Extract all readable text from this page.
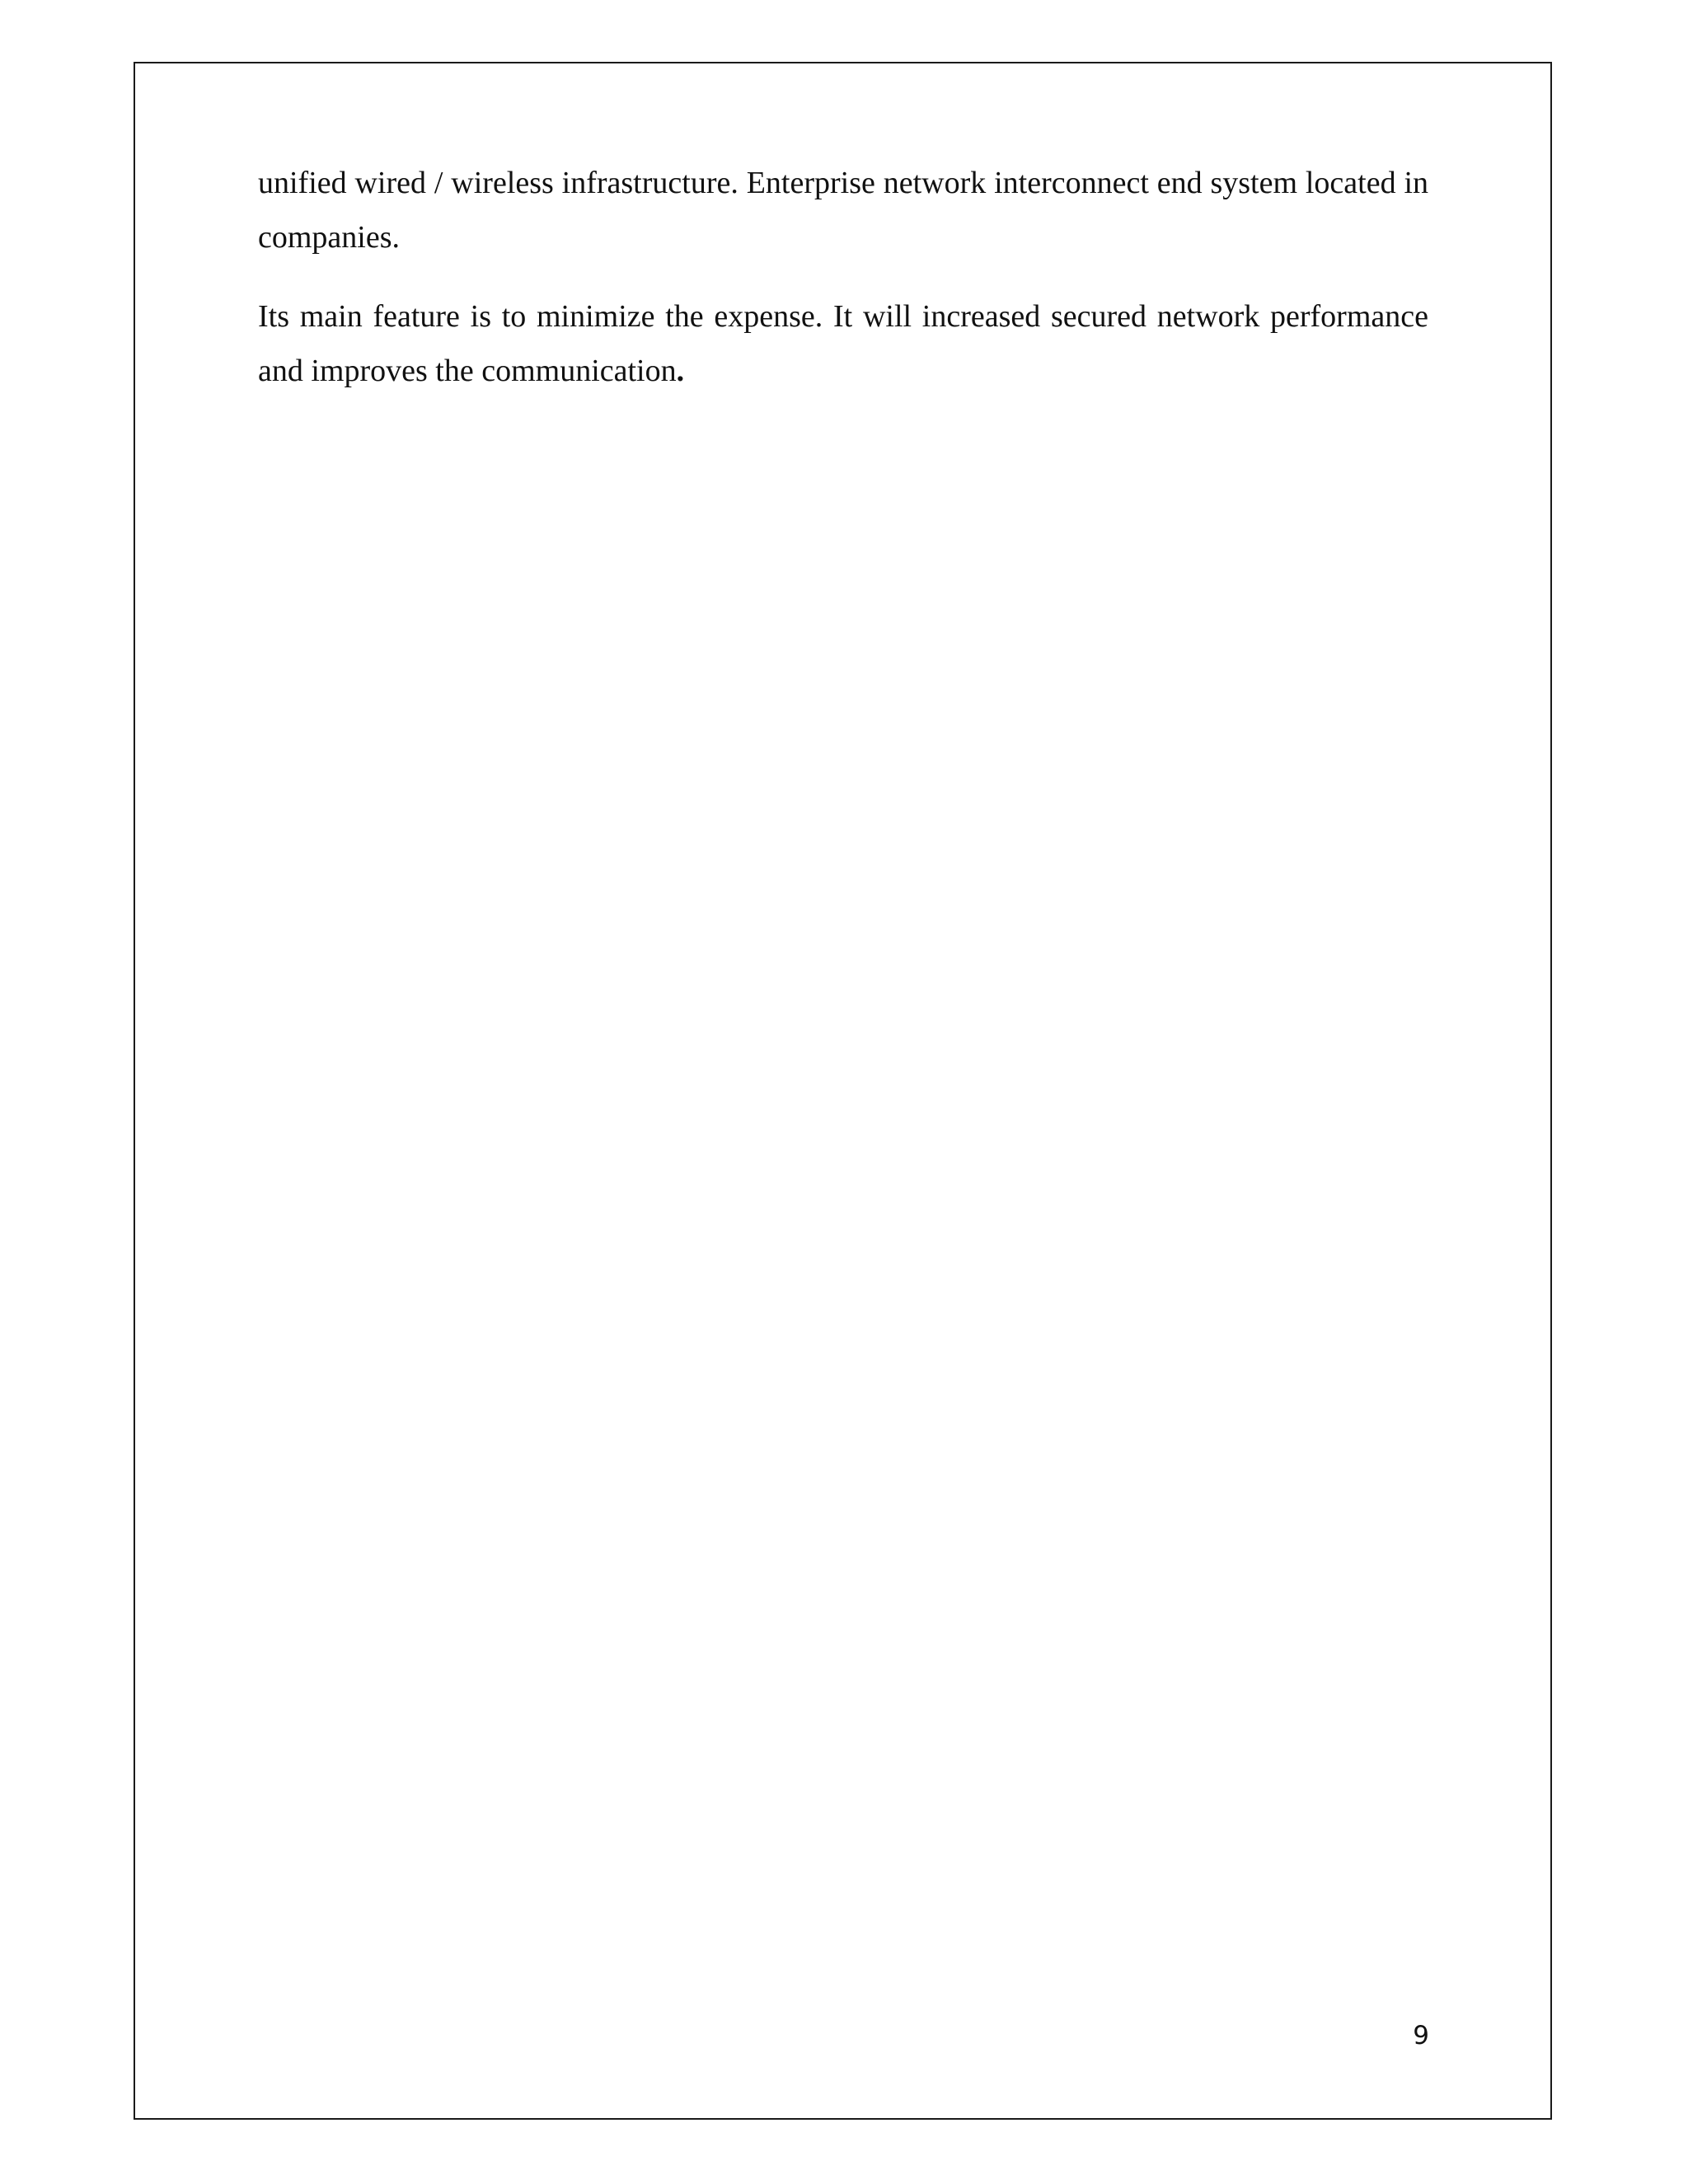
unified wired / wireless infrastructure. Enterprise network interconnect end system located in companies.

Its main feature is to minimize the expense. It will increased secured network performance and improves the communication.

9
